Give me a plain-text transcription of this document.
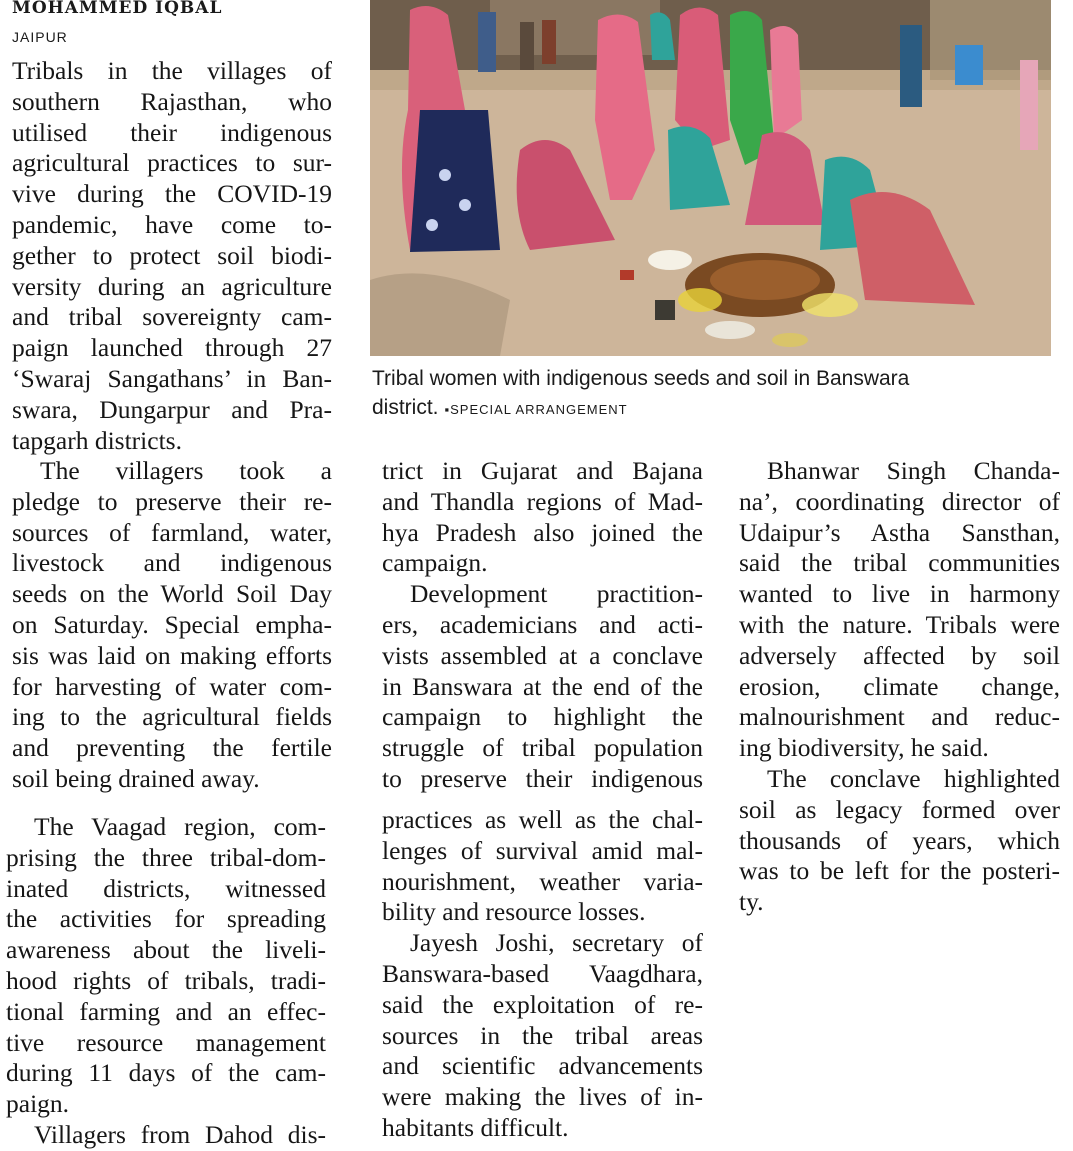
MOHAMMED IQBAL
JAIPUR
Tribal women with indigenous seeds and soil in Banswara
district. ▪SPECIAL ARRANGEMENT
Tribals in the villages of
southern Rajasthan, who
utilised their indigenous
agricultural practices to sur-
vive during the COVID-19
pandemic, have come to-
gether to protect soil biodi-
versity during an agriculture
and tribal sovereignty cam-
paign launched through 27
‘Swaraj Sangathans’ in Ban-
swara, Dungarpur and Pra-
tapgarh districts.
The villagers took a
pledge to preserve their re-
sources of farmland, water,
livestock and indigenous
seeds on the World Soil Day
on Saturday. Special empha-
sis was laid on making efforts
for harvesting of water com-
ing to the agricultural fields
and preventing the fertile
soil being drained away.
The Vaagad region, com-
prising the three tribal-dom-
inated districts, witnessed
the activities for spreading
awareness about the liveli-
hood rights of tribals, tradi-
tional farming and an effec-
tive resource management
during 11 days of the cam-
paign.
Villagers from Dahod dis-
trict in Gujarat and Bajana
and Thandla regions of Mad-
hya Pradesh also joined the
campaign.
Development practition-
ers, academicians and acti-
vists assembled at a conclave
in Banswara at the end of the
campaign to highlight the
struggle of tribal population
to preserve their indigenous
practices as well as the chal-
lenges of survival amid mal-
nourishment, weather varia-
bility and resource losses.
Jayesh Joshi, secretary of
Banswara-based Vaagdhara,
said the exploitation of re-
sources in the tribal areas
and scientific advancements
were making the lives of in-
habitants difficult.
Bhanwar Singh Chanda-
na’, coordinating director of
Udaipur’s Astha Sansthan,
said the tribal communities
wanted to live in harmony
with the nature. Tribals were
adversely affected by soil
erosion, climate change,
malnourishment and reduc-
ing biodiversity, he said.
The conclave highlighted
soil as legacy formed over
thousands of years, which
was to be left for the posteri-
ty.
